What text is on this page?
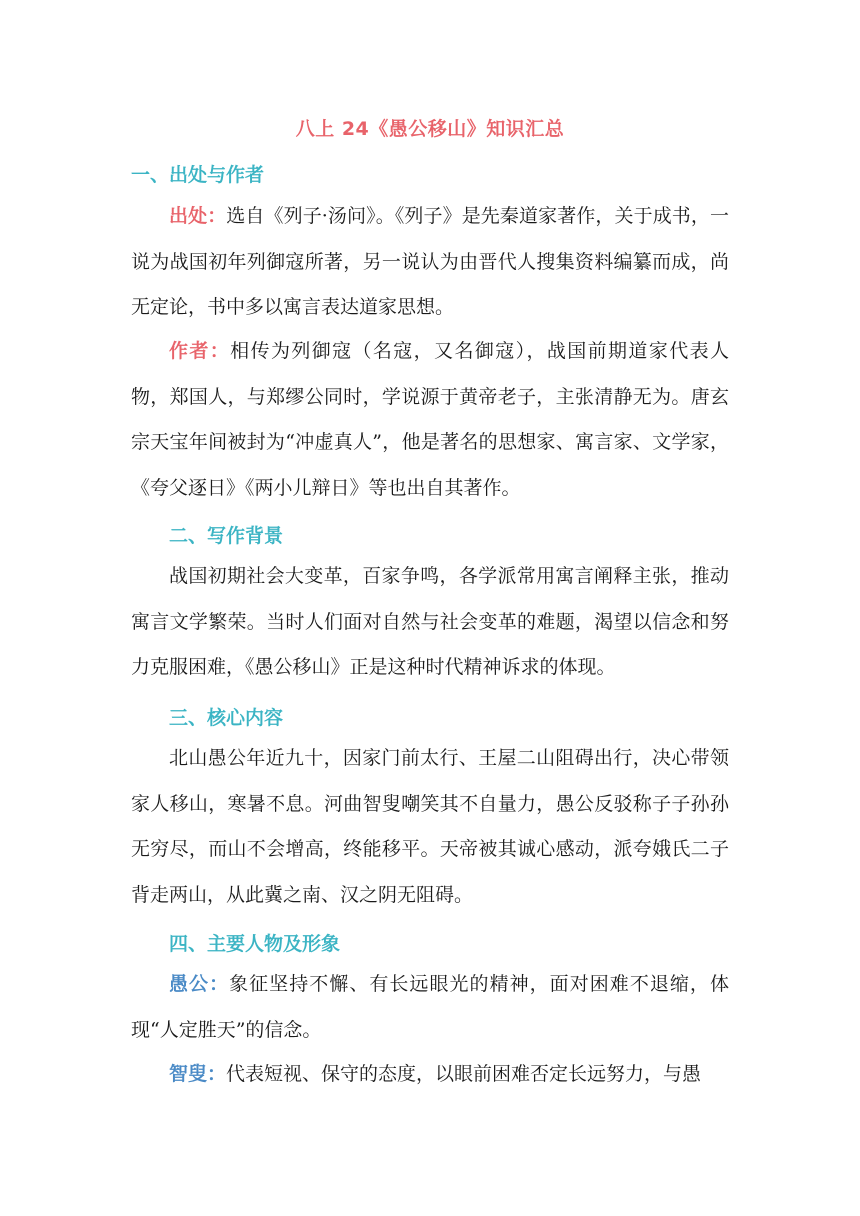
八上 24《愚公移山》知识汇总
一、出处与作者

出处：选自《列子·汤问》。《列子》是先秦道家著作，关于成书，一说为战国初年列御寇所著，另一说认为由晋代人搜集资料编纂而成，尚无定论，书中多以寓言表达道家思想。

作者：相传为列御寇（名寇，又名御寇），战国前期道家代表人物，郑国人，与郑缪公同时，学说源于黄帝老子，主张清静无为。唐玄宗天宝年间被封为“冲虚真人”，他是著名的思想家、寓言家、文学家，《夸父逐日》《两小儿辩日》等也出自其著作。

二、写作背景

战国初期社会大变革，百家争鸣，各学派常用寓言阐释主张，推动寓言文学繁荣。当时人们面对自然与社会变革的难题，渴望以信念和努力克服困难，《愚公移山》正是这种时代精神诉求的体现。

三、核心内容

北山愚公年近九十，因家门前太行、王屋二山阻碍出行，决心带领家人移山，寒暑不息。河曲智叟嘲笑其不自量力，愚公反驳称子子孙孙无穷尽，而山不会增高，终能移平。天帝被其诚心感动，派夸娥氏二子背走两山，从此冀之南、汉之阴无阻碍。

四、主要人物及形象

愚公：象征坚持不懈、有长远眼光的精神，面对困难不退缩，体现“人定胜天”的信念。

智叟：代表短视、保守的态度，以眼前困难否定长远努力，与愚
